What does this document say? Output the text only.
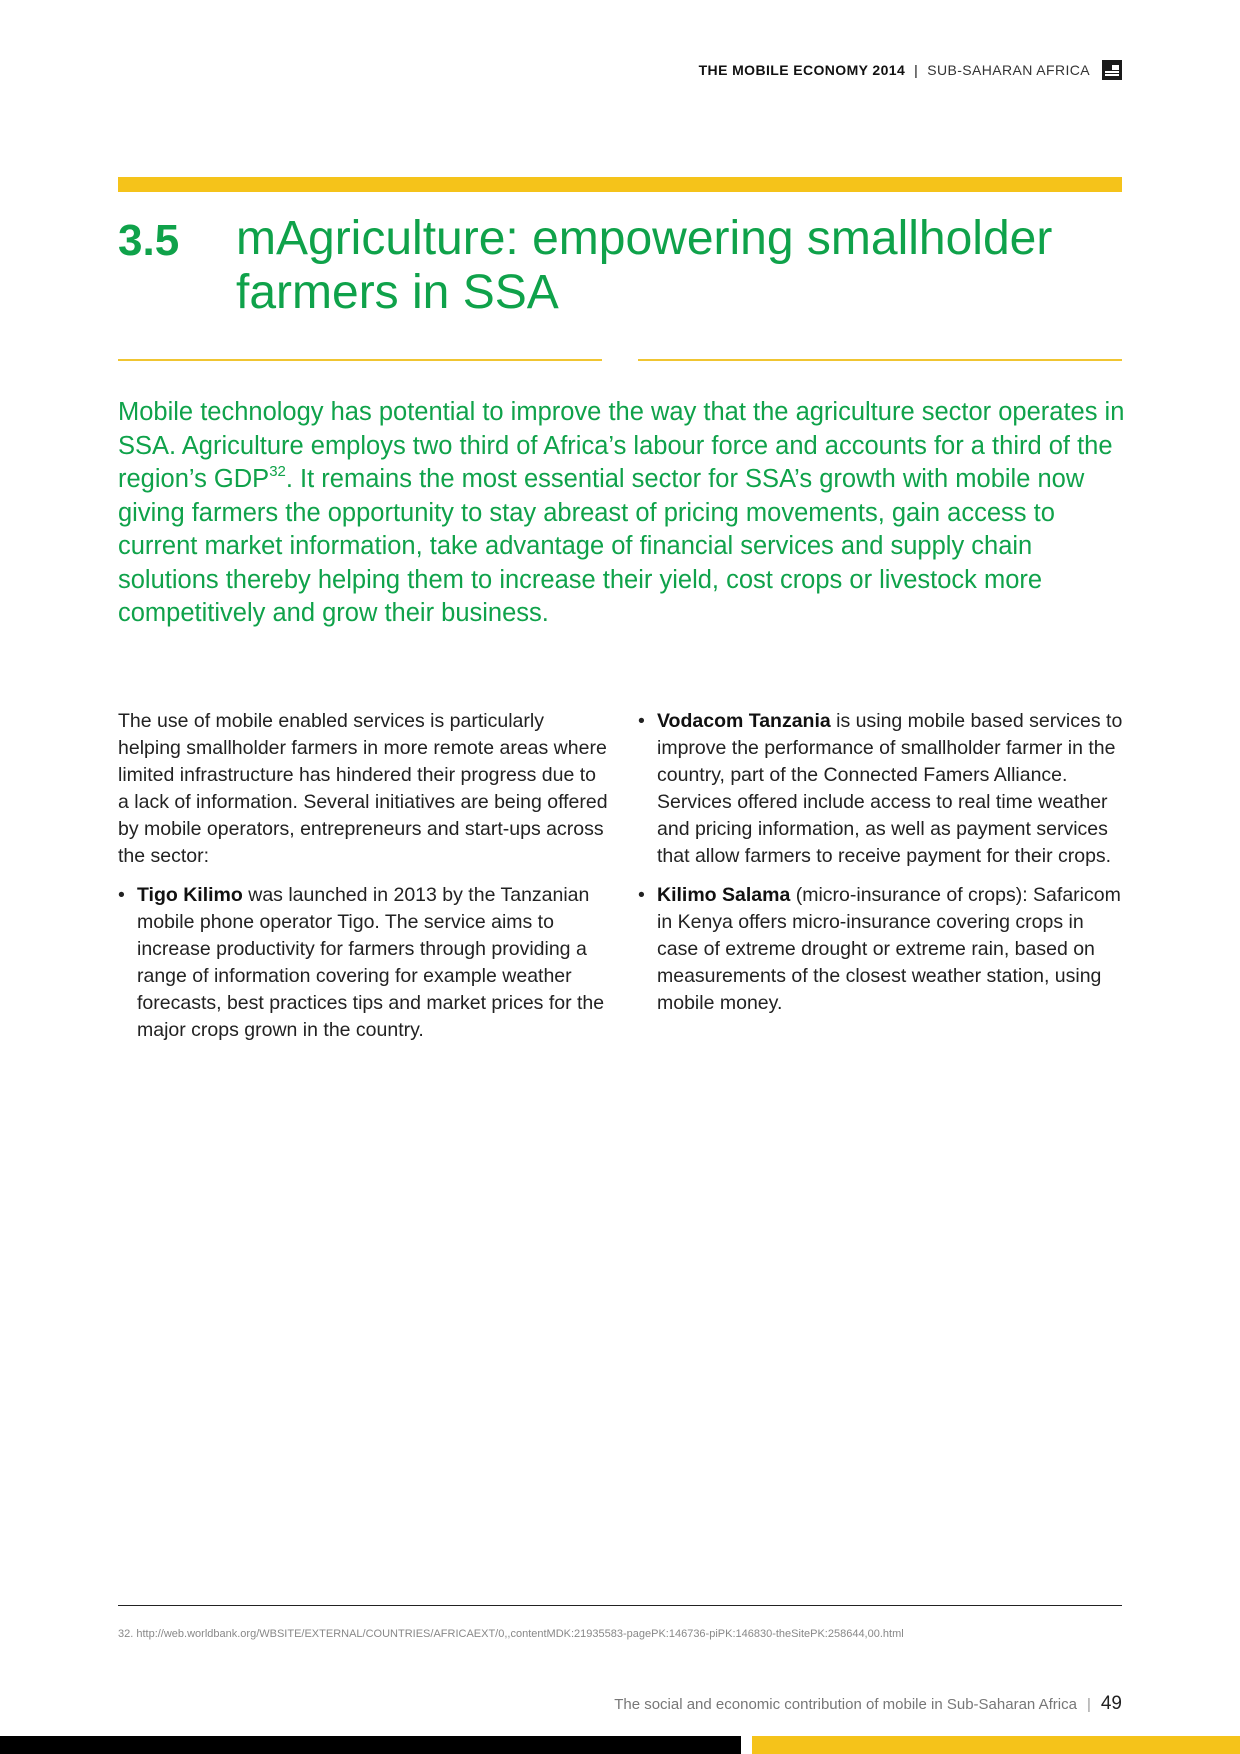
THE MOBILE ECONOMY 2014 | SUB-SAHARAN AFRICA
3.5 mAgriculture: empowering smallholder farmers in SSA

Mobile technology has potential to improve the way that the agriculture sector operates in SSA. Agriculture employs two third of Africa’s labour force and accounts for a third of the region’s GDP$^{32}$. It remains the most essential sector for SSA’s growth with mobile now giving farmers the opportunity to stay abreast of pricing movements, gain access to current market information, take advantage of financial services and supply chain solutions thereby helping them to increase their yield, cost crops or livestock more competitively and grow their business.

The use of mobile enabled services is particularly helping smallholder farmers in more remote areas where limited infrastructure has hindered their progress due to a lack of information. Several initiatives are being offered by mobile operators, entrepreneurs and start-ups across the sector:

• Tigo Kilimo was launched in 2013 by the Tanzanian mobile phone operator Tigo. The service aims to increase productivity for farmers through providing a range of information covering for example weather forecasts, best practices tips and market prices for the major crops grown in the country.
• Vodacom Tanzania is using mobile based services to improve the performance of smallholder farmer in the country, part of the Connected Famers Alliance. Services offered include access to real time weather and pricing information, as well as payment services that allow farmers to receive payment for their crops.
• Kilimo Salama (micro-insurance of crops): Safaricom in Kenya offers micro-insurance covering crops in case of extreme drought or extreme rain, based on measurements of the closest weather station, using mobile money.
32. http://web.worldbank.org/WBSITE/EXTERNAL/COUNTRIES/AFRICAEXT/0,,contentMDK:21935583-pagePK:146736-piPK:146830-theSitePK:258644,00.html
The social and economic contribution of mobile in Sub-Saharan Africa | 49
